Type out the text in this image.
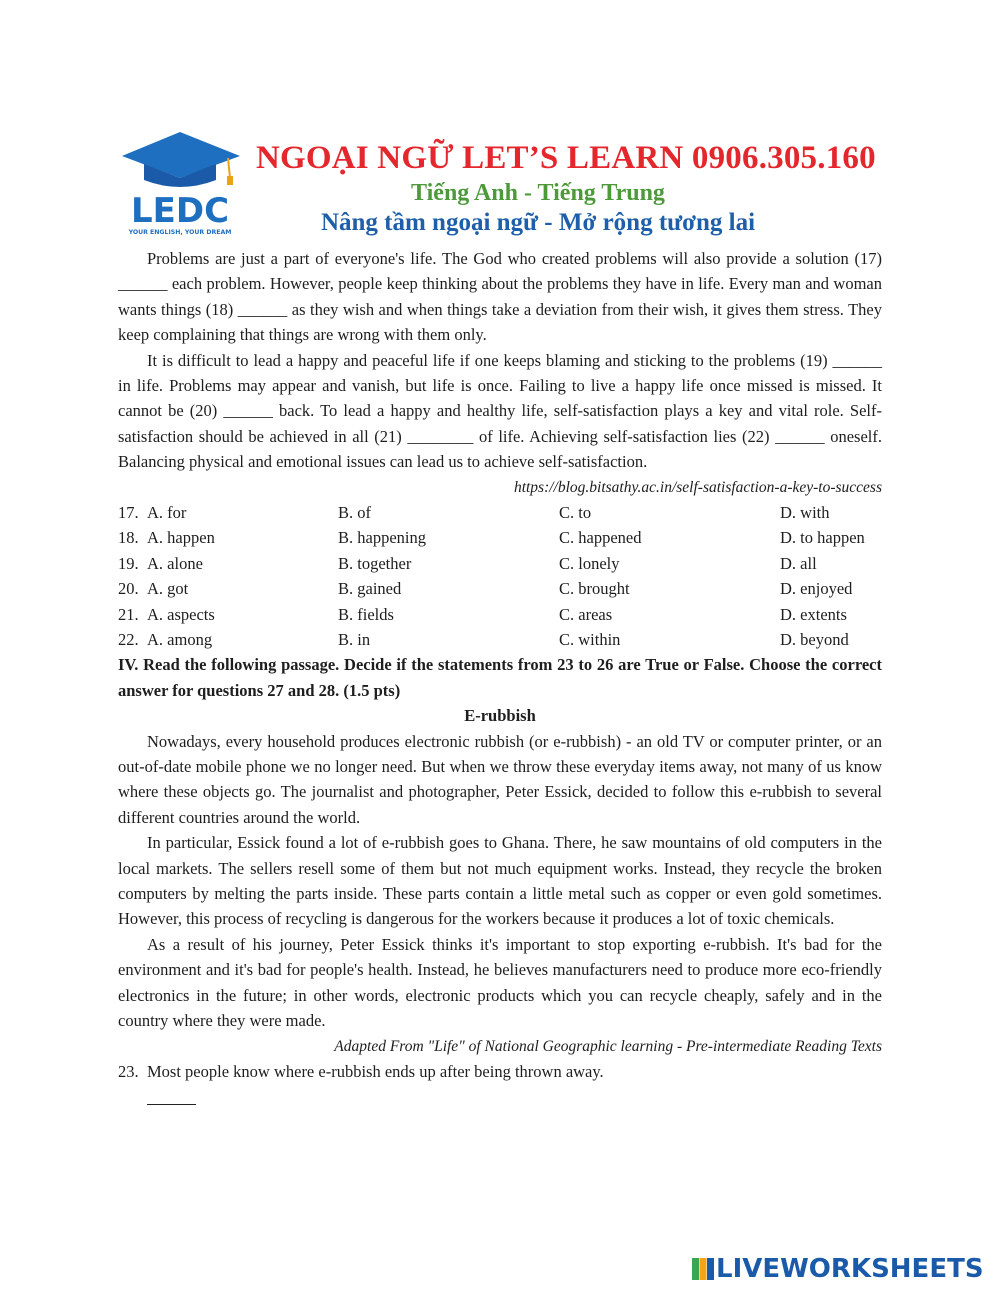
LEDC
YOUR ENGLISH, YOUR DREAM
NGOẠI NGỮ LET’S LEARN 0906.305.160
Tiếng Anh - Tiếng Trung
Nâng tầm ngoại ngữ - Mở rộng tương lai

Problems are just a part of everyone's life. The God who created problems will also provide a solution (17) ______ each problem. However, people keep thinking about the problems they have in life. Every man and woman wants things (18) ______ as they wish and when things take a deviation from their wish, it gives them stress. They keep complaining that things are wrong with them only.

It is difficult to lead a happy and peaceful life if one keeps blaming and sticking to the problems (19) ______ in life. Problems may appear and vanish, but life is once. Failing to live a happy life once missed is missed. It cannot be (20) ______ back. To lead a happy and healthy life, self-satisfaction plays a key and vital role. Self-satisfaction should be achieved in all (21) ________ of life. Achieving self-satisfaction lies (22) ______ oneself. Balancing physical and emotional issues can lead us to achieve self-satisfaction.

https://blog.bitsathy.ac.in/self-satisfaction-a-key-to-success

17. A. for	B. of	C. to	D. with
18. A. happen	B. happening	C. happened	D. to happen
19. A. alone	B. together	C. lonely	D. all
20. A. got	B. gained	C. brought	D. enjoyed
21. A. aspects	B. fields	C. areas	D. extents
22. A. among	B. in	C. within	D. beyond

IV. Read the following passage. Decide if the statements from 23 to 26 are True or False. Choose the correct answer for questions 27 and 28. (1.5 pts)

E-rubbish

Nowadays, every household produces electronic rubbish (or e-rubbish) - an old TV or computer printer, or an out-of-date mobile phone we no longer need. But when we throw these everyday items away, not many of us know where these objects go. The journalist and photographer, Peter Essick, decided to follow this e-rubbish to several different countries around the world.

In particular, Essick found a lot of e-rubbish goes to Ghana. There, he saw mountains of old computers in the local markets. The sellers resell some of them but not much equipment works. Instead, they recycle the broken computers by melting the parts inside. These parts contain a little metal such as copper or even gold sometimes. However, this process of recycling is dangerous for the workers because it produces a lot of toxic chemicals.

As a result of his journey, Peter Essick thinks it's important to stop exporting e-rubbish. It's bad for the environment and it's bad for people's health. Instead, he believes manufacturers need to produce more eco-friendly electronics in the future; in other words, electronic products which you can recycle cheaply, safely and in the country where they were made.

Adapted From "Life" of National Geographic learning - Pre-intermediate Reading Texts

23. Most people know where e-rubbish ends up after being thrown away.
LIVEWORKSHEETS
